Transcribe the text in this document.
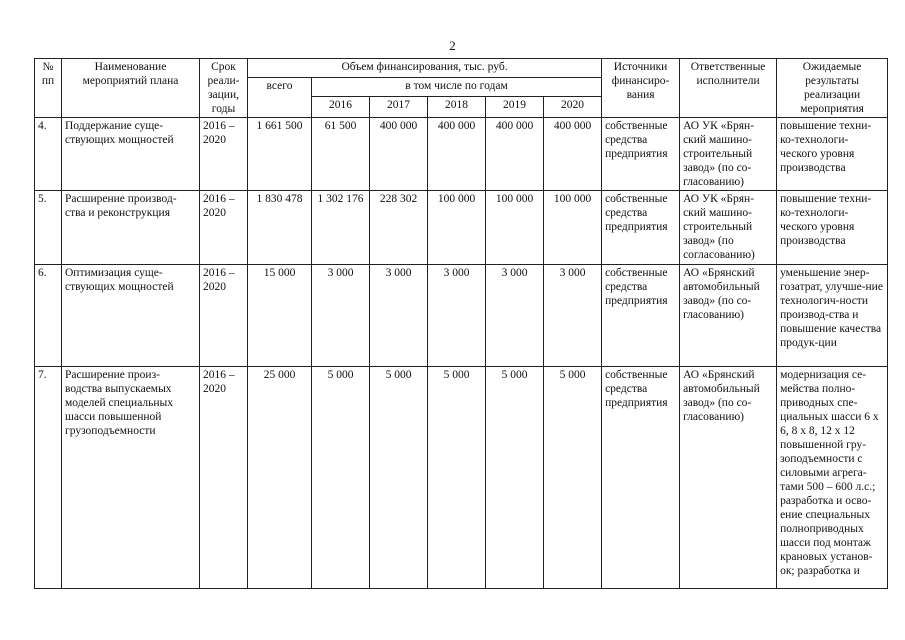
2
№ пп	Наименование мероприятий плана	Срок реали-зации, годы	Объем финансирования, тыс. руб.						Источники финансиро-вания	Ответственные исполнители	Ожидаемые результаты реализации мероприятия
			всего	в том числе по годам							
				2016	2017	2018	2019	2020			
4.	Поддержание суще-ствующих мощностей	2016 – 2020	1 661 500	61 500	400 000	400 000	400 000	400 000	собственные средства предприятия	АО УК «Брян-ский машино-строительный завод» (по со-гласованию)	повышение техни-ко-технологи-ческого уровня производства
5.	Расширение производ-ства и реконструкция	2016 – 2020	1 830 478	1 302 176	228 302	100 000	100 000	100 000	собственные средства предприятия	АО УК «Брян-ский машино-строительный завод» (по согласованию)	повышение техни-ко-технологи-ческого уровня производства
6.	Оптимизация суще-ствующих мощностей	2016 – 2020	15 000	3 000	3 000	3 000	3 000	3 000	собственные средства предприятия	АО «Брянский автомобильный завод» (по со-гласованию)	уменьшение энер-гозатрат, улучше-ние технологич-ности производ-ства и повышение качества продук-ции
7.	Расширение произ-водства выпускаемых моделей специальных шасси повышенной грузоподъемности	2016 – 2020	25 000	5 000	5 000	5 000	5 000	5 000	собственные средства предприятия	АО «Брянский автомобильный завод» (по со-гласованию)	модернизация се-мейства полно-приводных спе-циальных шасси 6 х 6, 8 х 8, 12 х 12 повышенной гру-зоподъемности с силовыми агрега-тами 500 – 600 л.с.; разработка и осво-ение специальных полноприводных шасси под монтаж крановых установ-ок; разработка и
